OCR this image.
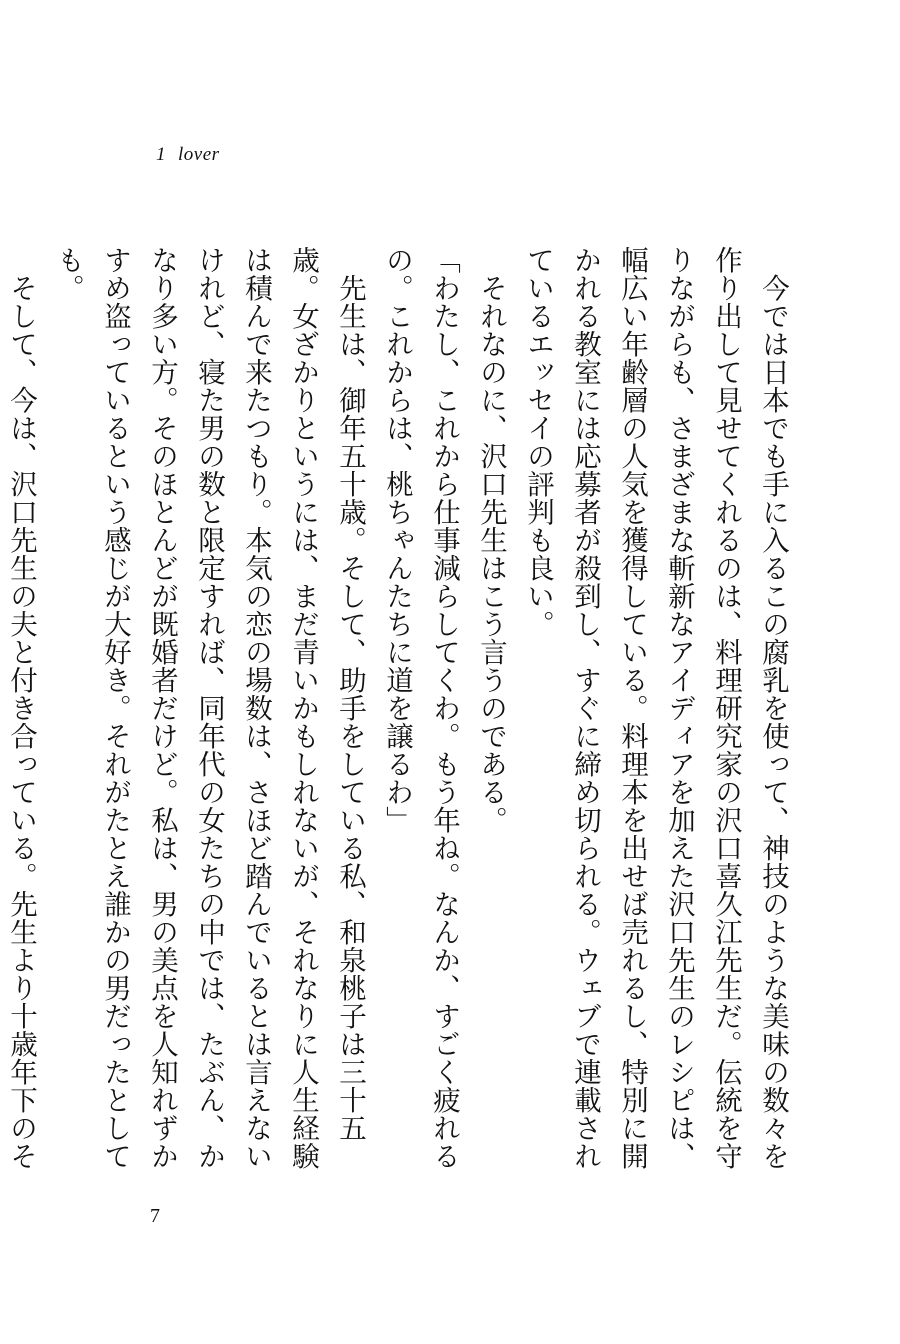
1 lover

今では日本でも手に入るこの腐乳を使って、神技のような美味の数々を作り出して見せてくれるのは、料理研究家の沢口喜久江先生だ。伝統を守りながらも、さまざまな斬新なアイディアを加えた沢口先生のレシピは、幅広い年齢層の人気を獲得している。料理本を出せば売れるし、特別に開かれる教室には応募者が殺到し、すぐに締め切られる。ウェブで連載されているエッセイの評判も良い。

それなのに、沢口先生はこう言うのである。

「わたし、これから仕事減らしてくわ。もう年ね。なんか、すごく疲れるの。これからは、桃ちゃんたちに道を譲るわ」

先生は、御年五十歳。そして、助手をしている私、和泉桃子は三十五歳。女ざかりというには、まだ青いかもしれないが、それなりに人生経験は積んで来たつもり。本気の恋の場数は、さほど踏んでいるとは言えないけれど、寝た男の数と限定すれば、同年代の女たちの中では、たぶん、かなり多い方。そのほとんどが既婚者だけど。私は、男の美点を人知れずかすめ盗っているという感じが大好き。それがたとえ誰かの男だったとしても。

そして、今は、沢口先生の夫と付き合っている。先生より十歳年下のそ

7
